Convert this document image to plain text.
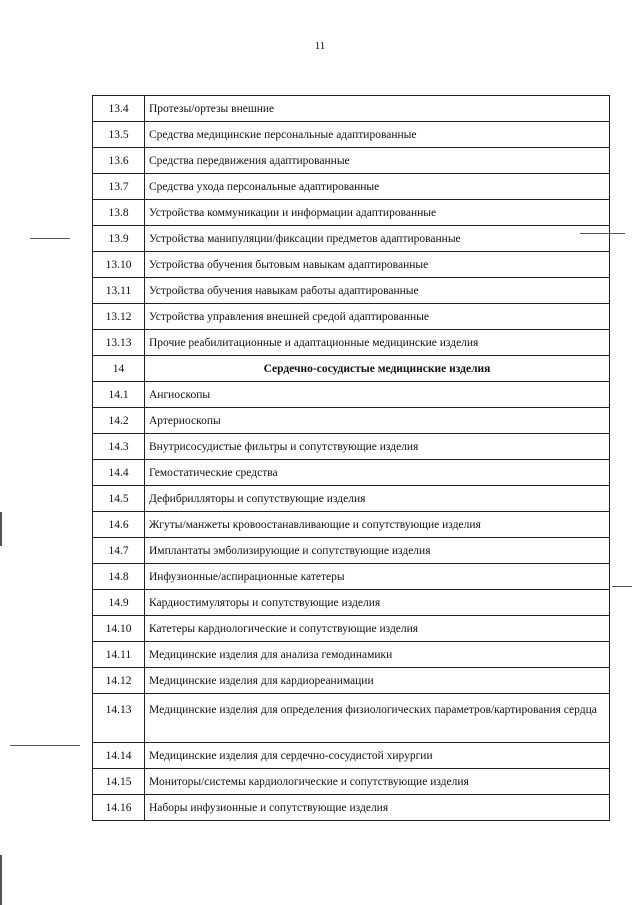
11
13.4	Протезы/ортезы внешние
13.5	Средства медицинские персональные адаптированные
13.6	Средства передвижения адаптированные
13.7	Средства ухода персональные адаптированные
13.8	Устройства коммуникации и информации адаптированные
13.9	Устройства манипуляции/фиксации предметов адаптированные
13.10	Устройства обучения бытовым навыкам адаптированные
13.11	Устройства обучения навыкам работы адаптированные
13.12	Устройства управления внешней средой адаптированные
13.13	Прочие реабилитационные и адаптационные медицинские изделия
14	Сердечно-сосудистые медицинские изделия
14.1	Ангиоскопы
14.2	Артериоскопы
14.3	Внутрисосудистые фильтры и сопутствующие изделия
14.4	Гемостатические средства
14.5	Дефибрилляторы и сопутствующие изделия
14.6	Жгуты/манжеты кровоостанавливающие и сопутствующие изделия
14.7	Имплантаты эмболизирующие и сопутствующие изделия
14.8	Инфузионные/аспирационные катетеры
14.9	Кардиостимуляторы и сопутствующие изделия
14.10	Катетеры кардиологические и сопутствующие изделия
14.11	Медицинские изделия для анализа гемодинамики
14.12	Медицинские изделия для кардиореанимации
14.13	Медицинские изделия для определения физиологических параметров/картирования сердца
14.14	Медицинские изделия для сердечно-сосудистой хирургии
14.15	Мониторы/системы кардиологические и сопутствующие изделия
14.16	Наборы инфузионные и сопутствующие изделия
